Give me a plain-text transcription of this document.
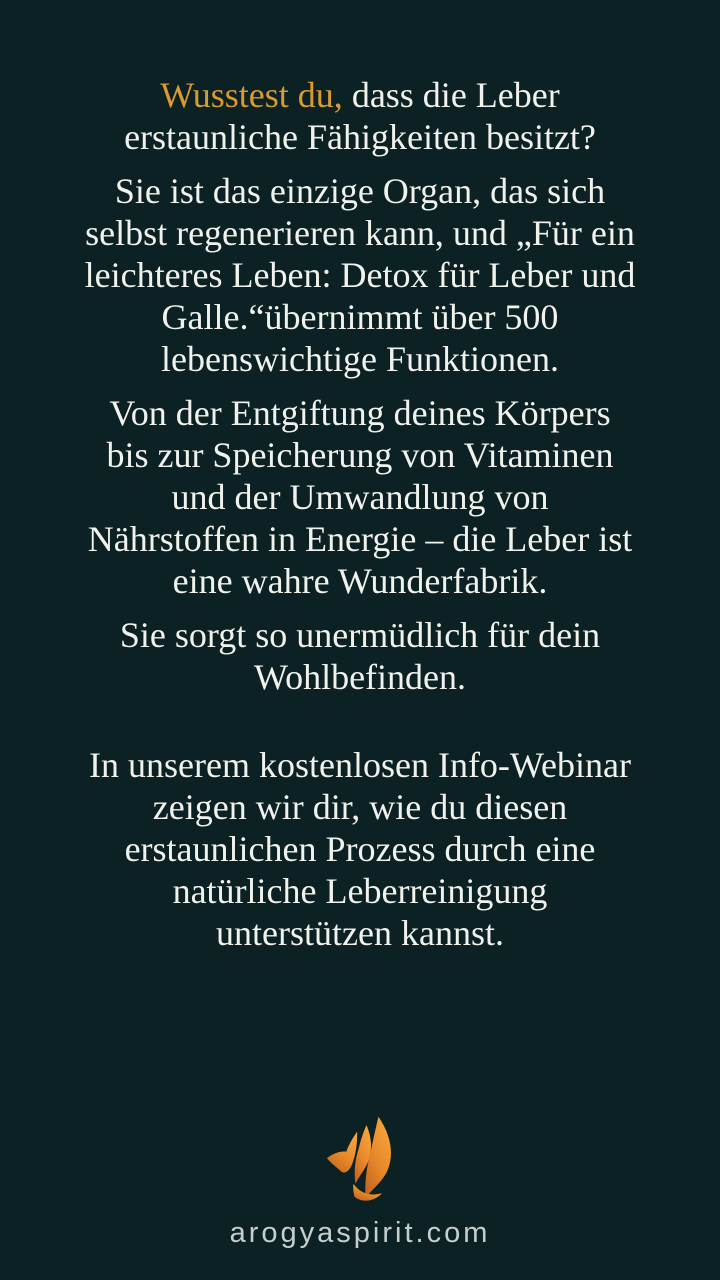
Wusstest du, dass die Leber
erstaunliche Fähigkeiten besitzt?

Sie ist das einzige Organ, das sich
selbst regenerieren kann, und „Für ein
leichteres Leben: Detox für Leber und
Galle.“übernimmt über 500
lebenswichtige Funktionen.

Von der Entgiftung deines Körpers
bis zur Speicherung von Vitaminen
und der Umwandlung von
Nährstoffen in Energie – die Leber ist
eine wahre Wunderfabrik.

Sie sorgt so unermüdlich für dein
Wohlbefinden.

In unserem kostenlosen Info-Webinar
zeigen wir dir, wie du diesen
erstaunlichen Prozess durch eine
natürliche Leberreinigung
unterstützen kannst.

arogyaspirit.com
